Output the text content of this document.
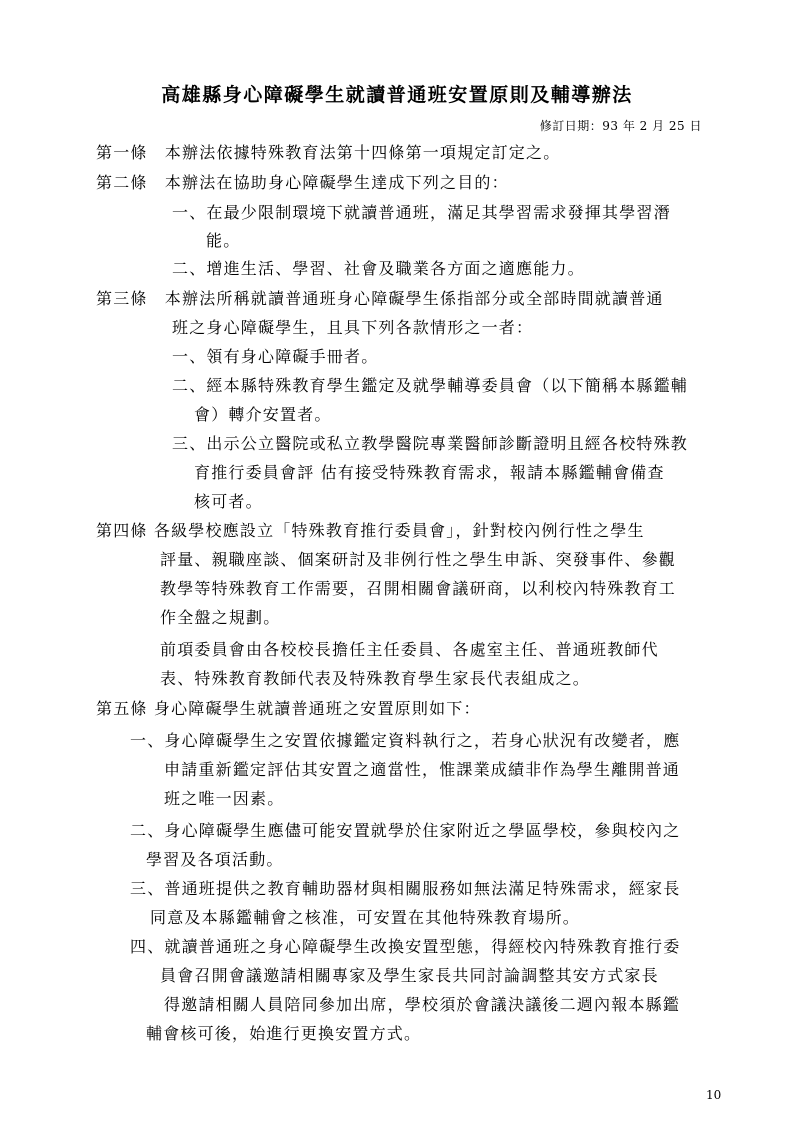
高雄縣身心障礙學生就讀普通班安置原則及輔導辦法
修訂日期：93 年 2 月 25 日
第一條　本辦法依據特殊教育法第十四條第一項規定訂定之。
第二條　本辦法在協助身心障礙學生達成下列之目的：
一、在最少限制環境下就讀普通班，滿足其學習需求發揮其學習潛
能。
二、增進生活、學習、社會及職業各方面之適應能力。
第三條　本辦法所稱就讀普通班身心障礙學生係指部分或全部時間就讀普通
班之身心障礙學生，且具下列各款情形之一者：
一、領有身心障礙手冊者。
二、經本縣特殊教育學生鑑定及就學輔導委員會（以下簡稱本縣鑑輔
會）轉介安置者。
三、出示公立醫院或私立教學醫院專業醫師診斷證明且經各校特殊教
育推行委員會評 估有接受特殊教育需求，報請本縣鑑輔會備查
核可者。
第四條 各級學校應設立「特殊教育推行委員會」，針對校內例行性之學生
評量、親職座談、個案研討及非例行性之學生申訴、突發事件、參觀
教學等特殊教育工作需要，召開相關會議研商，以利校內特殊教育工
作全盤之規劃。
前項委員會由各校校長擔任主任委員、各處室主任、普通班教師代
表、特殊教育教師代表及特殊教育學生家長代表組成之。
第五條 身心障礙學生就讀普通班之安置原則如下：
一、身心障礙學生之安置依據鑑定資料執行之，若身心狀況有改變者，應
申請重新鑑定評估其安置之適當性，惟課業成績非作為學生離開普通
班之唯一因素。
二、身心障礙學生應儘可能安置就學於住家附近之學區學校，參與校內之
學習及各項活動。
三、普通班提供之教育輔助器材與相關服務如無法滿足特殊需求，經家長
同意及本縣鑑輔會之核准，可安置在其他特殊教育場所。
四、就讀普通班之身心障礙學生改換安置型態，得經校內特殊教育推行委
員會召開會議邀請相關專家及學生家長共同討論調整其安方式家長
得邀請相關人員陪同參加出席，學校須於會議決議後二週內報本縣鑑
輔會核可後，始進行更換安置方式。
10
